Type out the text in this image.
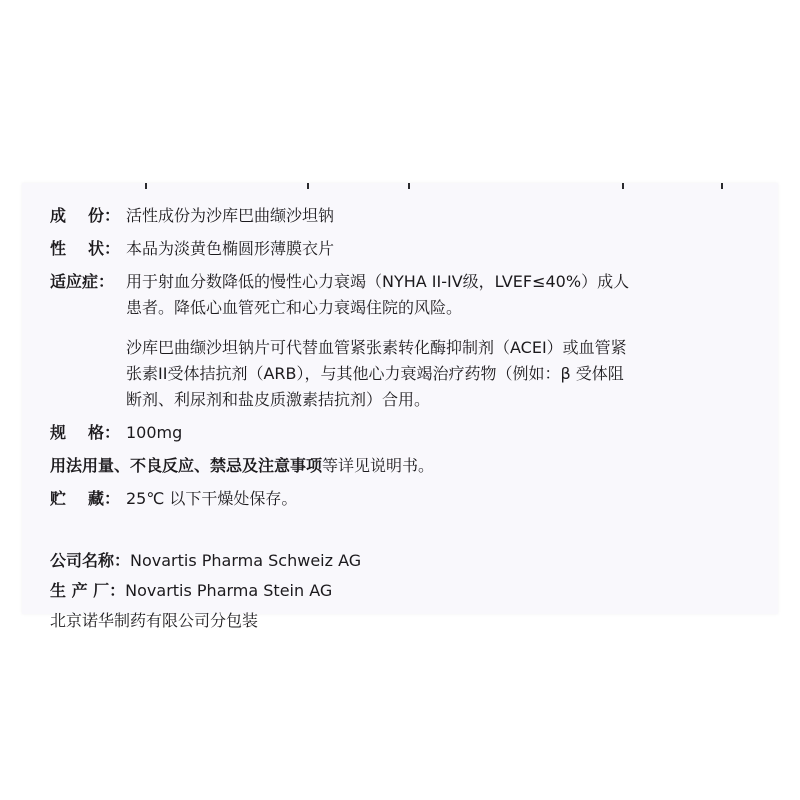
成	份： 活性成份为沙库巴曲缬沙坦钠
性	状： 本品为淡黄色椭圆形薄膜衣片
适应症： 用于射血分数降低的慢性心力衰竭（NYHA II-IV级，LVEF≤40%）成人
患者。降低心血管死亡和心力衰竭住院的风险。
沙库巴曲缬沙坦钠片可代替血管紧张素转化酶抑制剂（ACEI）或血管紧
张素II受体拮抗剂（ARB），与其他心力衰竭治疗药物（例如：β 受体阻
断剂、利尿剂和盐皮质激素拮抗剂）合用。
规	格： 100mg
用法用量、不良反应、禁忌及注意事项等详见说明书。
贮	藏： 25℃ 以下干燥处保存。
公司名称： Novartis Pharma Schweiz AG
生 产 厂： Novartis Pharma Stein AG
北京诺华制药有限公司分包装
